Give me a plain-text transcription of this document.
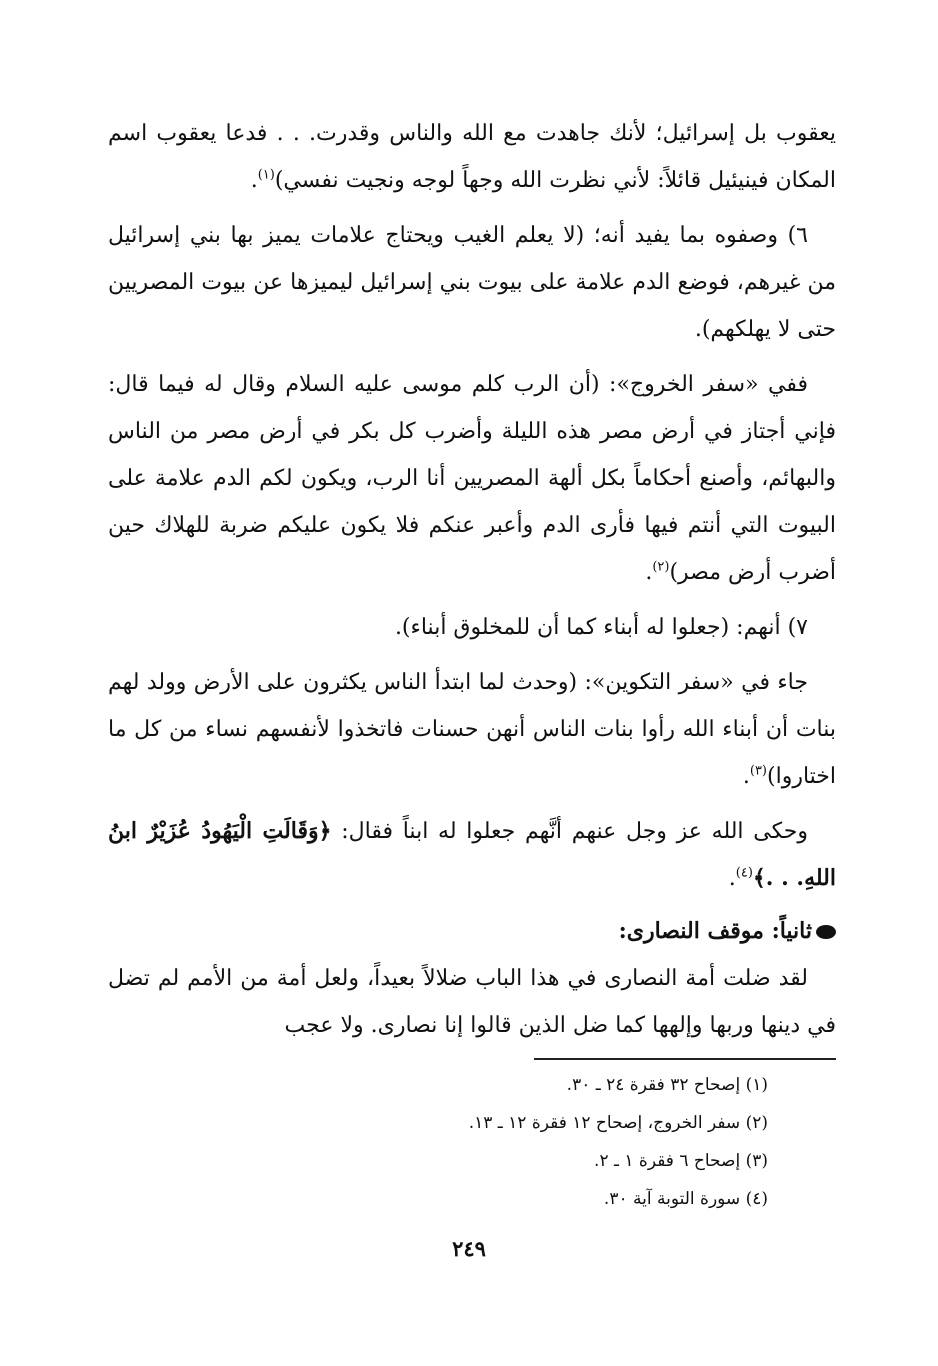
يعقوب بل إسرائيل؛ لأنك جاهدت مع الله والناس وقدرت. . . فدعا يعقوب اسم المكان فينيئيل قائلاً: لأني نظرت الله وجهاً لوجه ونجيت نفسي)$^{(١)}$.

٦) وصفوه بما يفيد أنه؛ (لا يعلم الغيب ويحتاج علامات يميز بها بني إسرائيل من غيرهم، فوضع الدم علامة على بيوت بني إسرائيل ليميزها عن بيوت المصريين حتى لا يهلكهم).

ففي «سفر الخروج»: (أن الرب كلم موسى عليه السلام وقال له فيما قال: فإني أجتاز في أرض مصر هذه الليلة وأضرب كل بكر في أرض مصر من الناس والبهائم، وأصنع أحكاماً بكل ألهة المصريين أنا الرب، ويكون لكم الدم علامة على البيوت التي أنتم فيها فأرى الدم وأعبر عنكم فلا يكون عليكم ضربة للهلاك حين أضرب أرض مصر)$^{(٢)}$.

٧) أنهم: (جعلوا له أبناء كما أن للمخلوق أبناء).

جاء في «سفر التكوين»: (وحدث لما ابتدأ الناس يكثرون على الأرض وولد لهم بنات أن أبناء الله رأوا بنات الناس أنهن حسنات فاتخذوا لأنفسهم نساء من كل ما اختاروا)$^{(٣)}$.

وحكى الله عز وجل عنهم أنَّهم جعلوا له ابناً فقال: ﴿وَقَالَتِ الْيَهُودُ عُزَيْرٌ ابنُ اللهِ. . .﴾$^{(٤)}$.

ثانياً: موقف النصارى:

لقد ضلت أمة النصارى في هذا الباب ضلالاً بعيداً، ولعل أمة من الأمم لم تضل في دينها وربها وإلهها كما ضل الذين قالوا إنا نصارى. ولا عجب

(١) إصحاح ٣٢ فقرة ٢٤ ـ ٣٠.

(٢) سفر الخروج، إصحاح ١٢ فقرة ١٢ ـ ١٣.

(٣) إصحاح ٦ فقرة ١ ـ ٢.

(٤) سورة التوبة آية ٣٠.

٢٤٩
